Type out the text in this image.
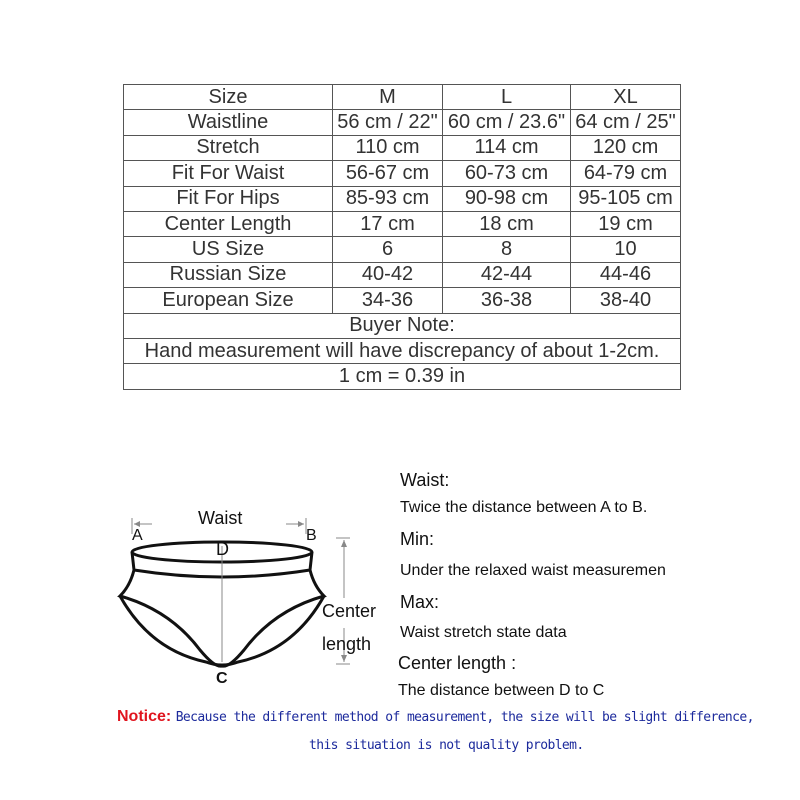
Size	M	L	XL
Waistline	56 cm / 22"	60 cm / 23.6"	64 cm / 25"
Stretch	110 cm	114 cm	120 cm
Fit For Waist	56-67 cm	60-73 cm	64-79 cm
Fit For Hips	85-93 cm	90-98 cm	95-105 cm
Center Length	17 cm	18 cm	19 cm
US Size	6	8	10
Russian Size	40-42	42-44	44-46
European Size	34-36	36-38	38-40
Buyer Note:			
Hand measurement will have discrepancy of about 1-2cm.			
1 cm = 0.39 in			
Waist
A	B
D
C
Center
length
Waist:
Twice the distance between A to B.
Min:
Under the relaxed waist measuremen
Max:
Waist stretch state data
Center length :
The distance between D to C
Notice: Because the different method of measurement, the size will be slight difference,
this situation is not quality problem.
